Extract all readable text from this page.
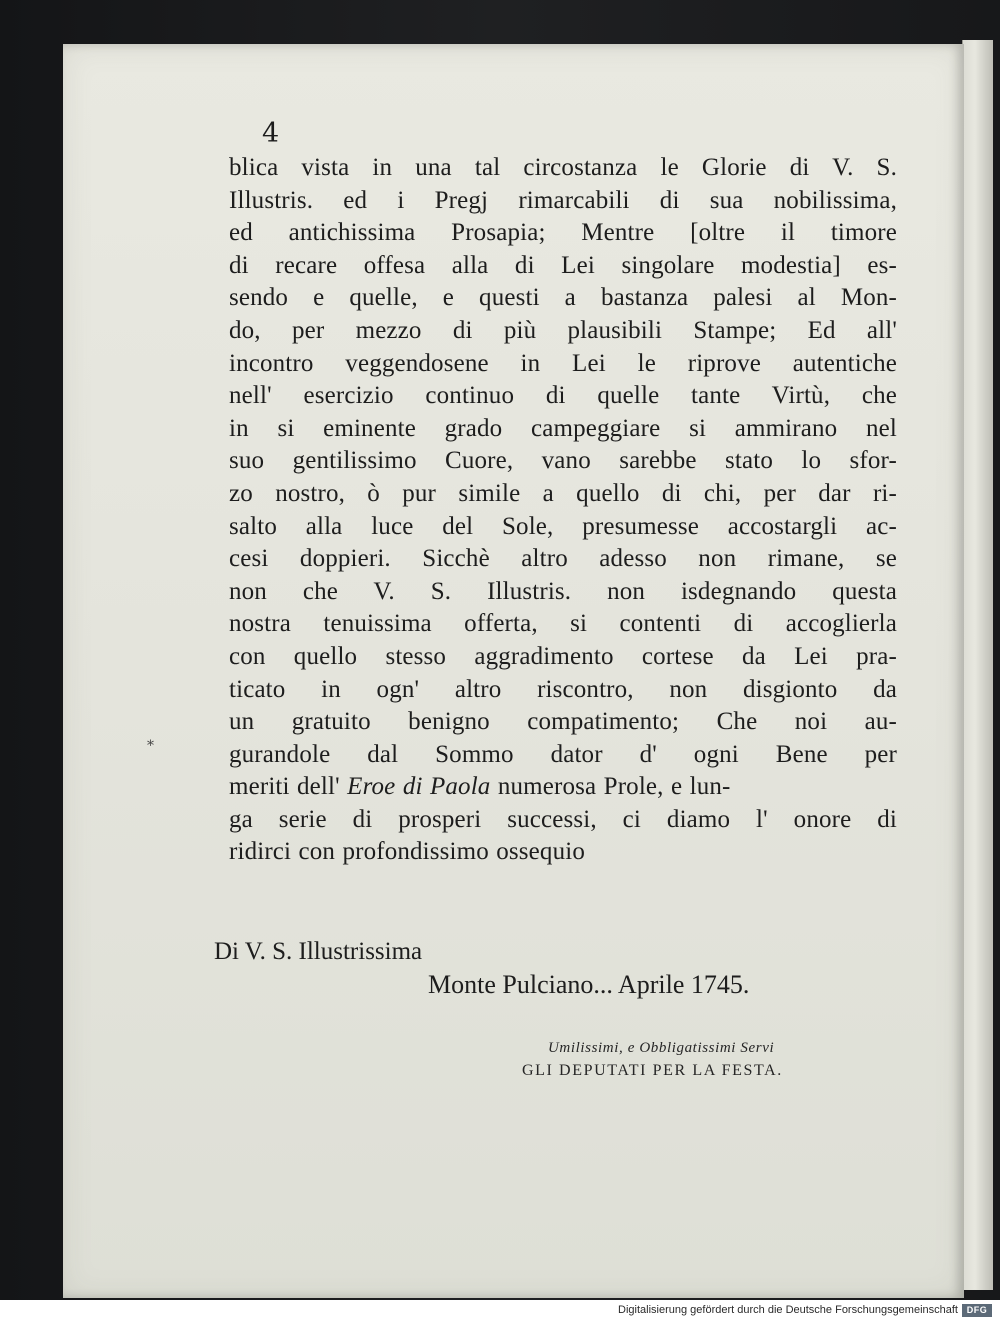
4
blica vista in una tal circostanza le Glorie di V. S.
Illustris. ed i Pregj rimarcabili di sua nobilissima,
ed antichissima Prosapia; Mentre [oltre il timore
di recare offesa alla di Lei singolare modestia] es-
sendo e quelle, e questi a bastanza palesi al Mon-
do, per mezzo di più plausibili Stampe; Ed all'
incontro veggendosene in Lei le riprove autentiche
nell' esercizio continuo di quelle tante Virtù, che
in si eminente grado campeggiare si ammirano nel
suo gentilissimo Cuore, vano sarebbe stato lo sfor-
zo nostro, ò pur simile a quello di chi, per dar ri-
salto alla luce del Sole, presumesse accostargli ac-
cesi doppieri. Sicchè altro adesso non rimane, se
non che V. S. Illustris. non isdegnando questa
nostra tenuissima offerta, si contenti di accoglierla
con quello stesso aggradimento cortese da Lei pra-
ticato in ogn' altro riscontro, non disgionto da
un gratuito benigno compatimento; Che noi au-
gurandole dal Sommo dator d' ogni Bene per
meriti dell' Eroe di Paola numerosa Prole, e lun-
ga serie di prosperi successi, ci diamo l' onore di
ridirci con profondissimo ossequio
Di V. S. Illustrissima
Monte Pulciano... Aprile 1745.
Umilissimi, e Obbligatissimi Servi
GLI DEPUTATI PER LA FESTA.
*
Digitalisierung gefördert durch die Deutsche Forschungsgemeinschaft DFG
